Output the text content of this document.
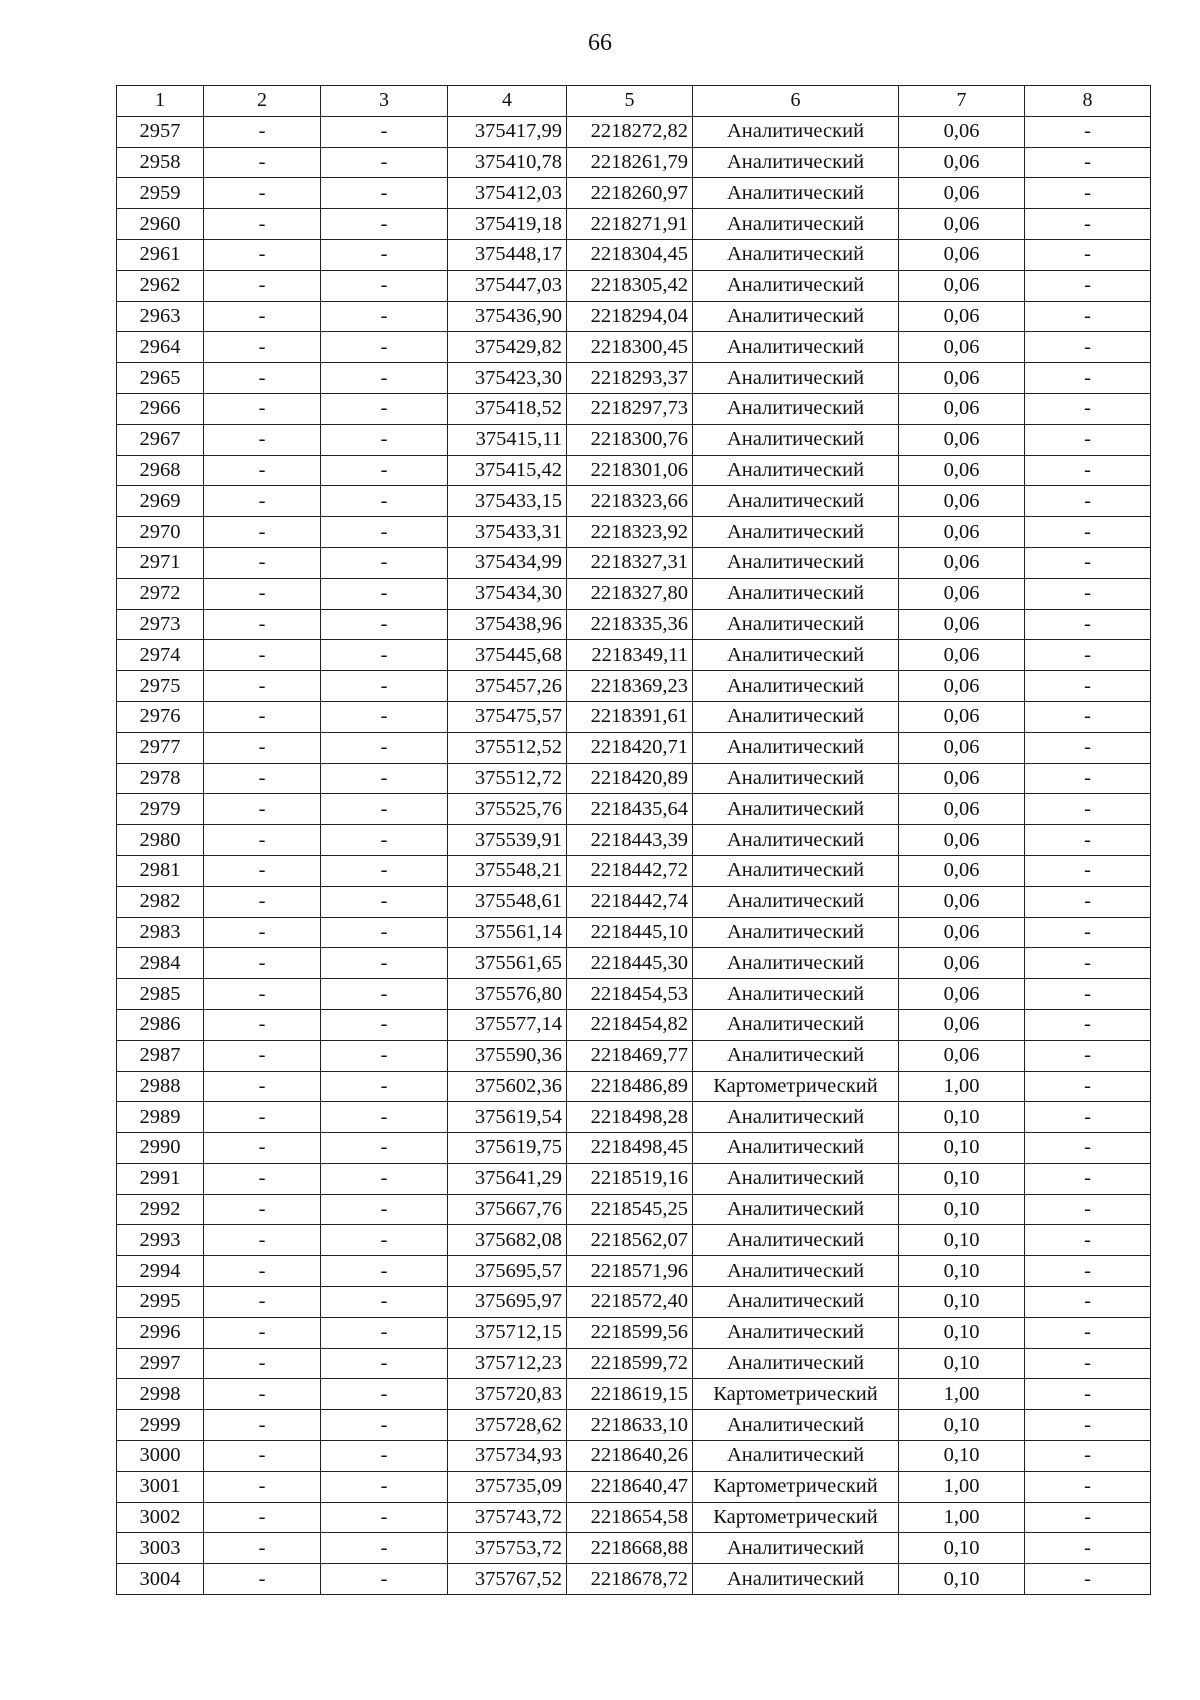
66
1	2	3	4	5	6	7	8
2957	-	-	375417,99	2218272,82	Аналитический	0,06	-
2958	-	-	375410,78	2218261,79	Аналитический	0,06	-
2959	-	-	375412,03	2218260,97	Аналитический	0,06	-
2960	-	-	375419,18	2218271,91	Аналитический	0,06	-
2961	-	-	375448,17	2218304,45	Аналитический	0,06	-
2962	-	-	375447,03	2218305,42	Аналитический	0,06	-
2963	-	-	375436,90	2218294,04	Аналитический	0,06	-
2964	-	-	375429,82	2218300,45	Аналитический	0,06	-
2965	-	-	375423,30	2218293,37	Аналитический	0,06	-
2966	-	-	375418,52	2218297,73	Аналитический	0,06	-
2967	-	-	375415,11	2218300,76	Аналитический	0,06	-
2968	-	-	375415,42	2218301,06	Аналитический	0,06	-
2969	-	-	375433,15	2218323,66	Аналитический	0,06	-
2970	-	-	375433,31	2218323,92	Аналитический	0,06	-
2971	-	-	375434,99	2218327,31	Аналитический	0,06	-
2972	-	-	375434,30	2218327,80	Аналитический	0,06	-
2973	-	-	375438,96	2218335,36	Аналитический	0,06	-
2974	-	-	375445,68	2218349,11	Аналитический	0,06	-
2975	-	-	375457,26	2218369,23	Аналитический	0,06	-
2976	-	-	375475,57	2218391,61	Аналитический	0,06	-
2977	-	-	375512,52	2218420,71	Аналитический	0,06	-
2978	-	-	375512,72	2218420,89	Аналитический	0,06	-
2979	-	-	375525,76	2218435,64	Аналитический	0,06	-
2980	-	-	375539,91	2218443,39	Аналитический	0,06	-
2981	-	-	375548,21	2218442,72	Аналитический	0,06	-
2982	-	-	375548,61	2218442,74	Аналитический	0,06	-
2983	-	-	375561,14	2218445,10	Аналитический	0,06	-
2984	-	-	375561,65	2218445,30	Аналитический	0,06	-
2985	-	-	375576,80	2218454,53	Аналитический	0,06	-
2986	-	-	375577,14	2218454,82	Аналитический	0,06	-
2987	-	-	375590,36	2218469,77	Аналитический	0,06	-
2988	-	-	375602,36	2218486,89	Картометрический	1,00	-
2989	-	-	375619,54	2218498,28	Аналитический	0,10	-
2990	-	-	375619,75	2218498,45	Аналитический	0,10	-
2991	-	-	375641,29	2218519,16	Аналитический	0,10	-
2992	-	-	375667,76	2218545,25	Аналитический	0,10	-
2993	-	-	375682,08	2218562,07	Аналитический	0,10	-
2994	-	-	375695,57	2218571,96	Аналитический	0,10	-
2995	-	-	375695,97	2218572,40	Аналитический	0,10	-
2996	-	-	375712,15	2218599,56	Аналитический	0,10	-
2997	-	-	375712,23	2218599,72	Аналитический	0,10	-
2998	-	-	375720,83	2218619,15	Картометрический	1,00	-
2999	-	-	375728,62	2218633,10	Аналитический	0,10	-
3000	-	-	375734,93	2218640,26	Аналитический	0,10	-
3001	-	-	375735,09	2218640,47	Картометрический	1,00	-
3002	-	-	375743,72	2218654,58	Картометрический	1,00	-
3003	-	-	375753,72	2218668,88	Аналитический	0,10	-
3004	-	-	375767,52	2218678,72	Аналитический	0,10	-
